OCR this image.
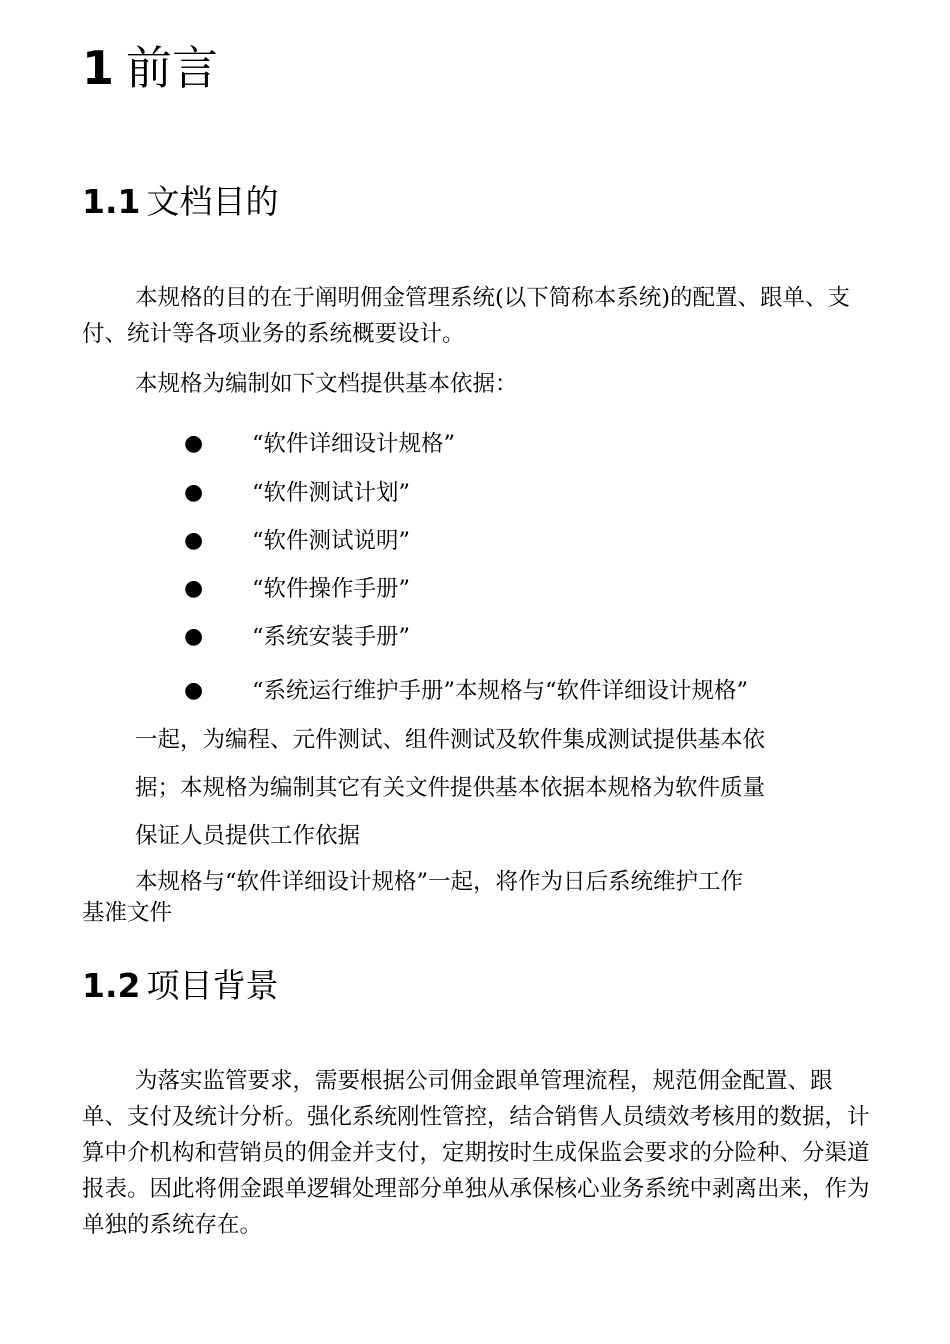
1 前言
1.1 文档目的

本规格的目的在于阐明佣金管理系统(以下简称本系统)的配置、跟单、支付、统计等各项业务的系统概要设计。

本规格为编制如下文档提供基本依据：
● “软件详细设计规格”
● “软件测试计划”
● “软件测试说明”
● “软件操作手册”
● “系统安装手册”
● “系统运行维护手册”本规格与“软件详细设计规格”
一起，为编程、元件测试、组件测试及软件集成测试提供基本依
据；本规格为编制其它有关文件提供基本依据本规格为软件质量
保证人员提供工作依据
本规格与“软件详细设计规格”一起，将作为日后系统维护工作
基准文件
1.2 项目背景

为落实监管要求，需要根据公司佣金跟单管理流程，规范佣金配置、跟单、支付及统计分析。强化系统刚性管控，结合销售人员绩效考核用的数据，计算中介机构和营销员的佣金并支付，定期按时生成保监会要求的分险种、分渠道报表。因此将佣金跟单逻辑处理部分单独从承保核心业务系统中剥离出来，作为单独的系统存在。
